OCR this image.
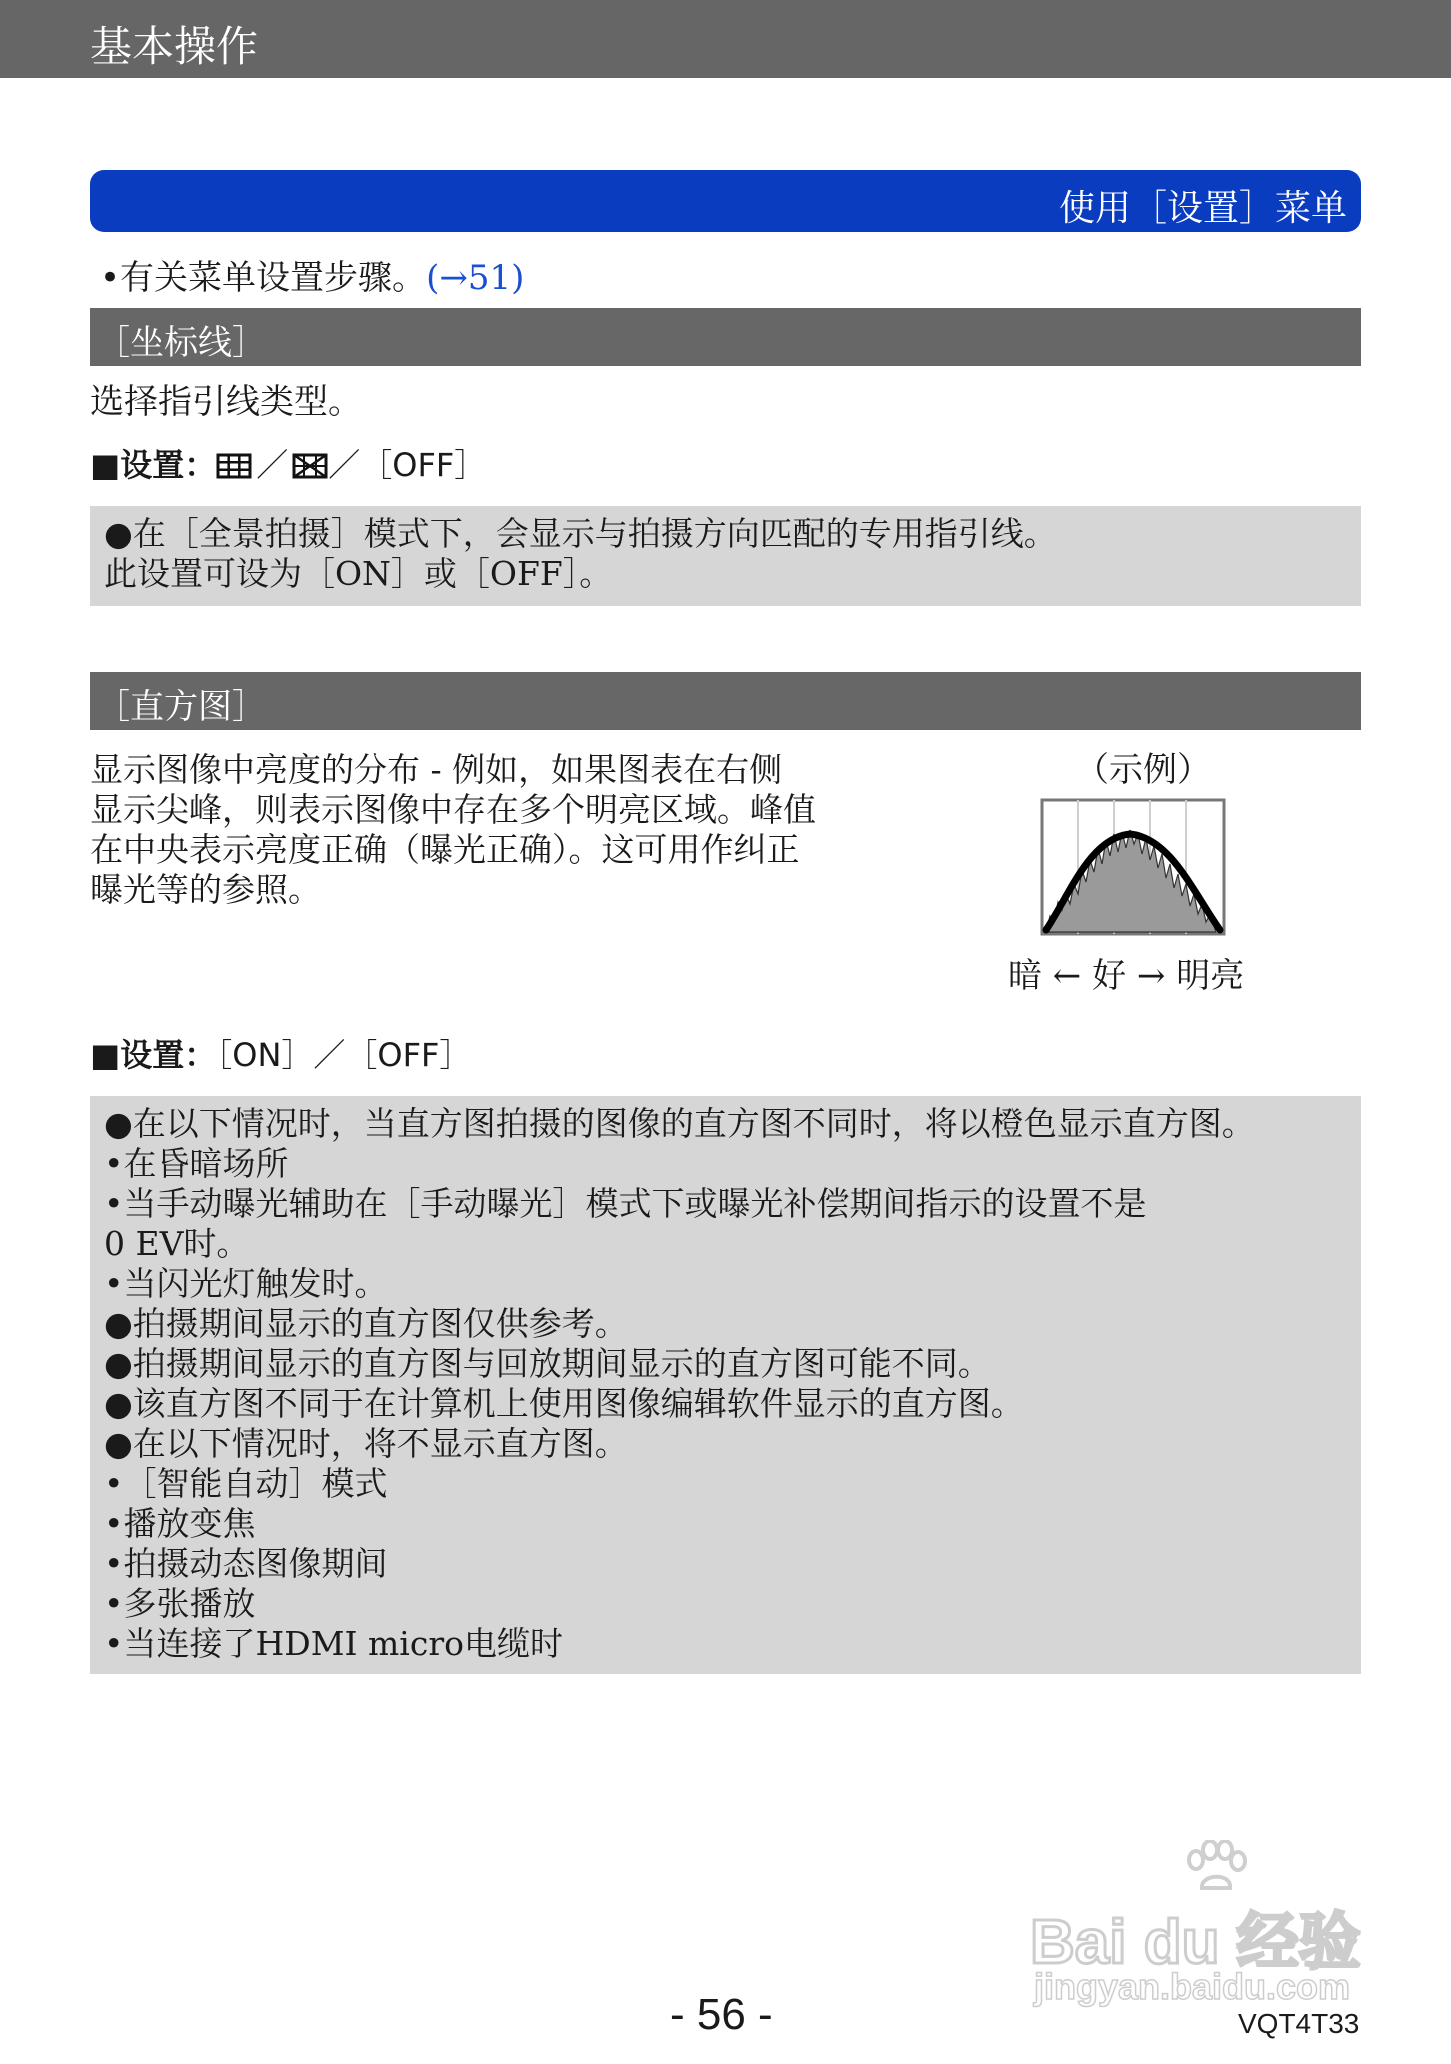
基本操作
使用［设置］菜单
•有关菜单设置步骤。(→51)
［坐标线］
选择指引线类型。
■设置： ／ ／［OFF］
●在［全景拍摄］模式下，会显示与拍摄方向匹配的专用指引线。
此设置可设为［ON］或［OFF］。
［直方图］
显示图像中亮度的分布 - 例如，如果图表在右侧
显示尖峰，则表示图像中存在多个明亮区域。峰值
在中央表示亮度正确（曝光正确）。这可用作纠正
曝光等的参照。
（示例）
暗 ← 好 → 明亮
■设置：［ON］／［OFF］
●在以下情况时，当直方图拍摄的图像的直方图不同时，将以橙色显示直方图。
•在昏暗场所
•当手动曝光辅助在［手动曝光］模式下或曝光补偿期间指示的设置不是
0 EV时。
•当闪光灯触发时。
●拍摄期间显示的直方图仅供参考。
●拍摄期间显示的直方图与回放期间显示的直方图可能不同。
●该直方图不同于在计算机上使用图像编辑软件显示的直方图。
●在以下情况时，将不显示直方图。
•［智能自动］模式
•播放变焦
•拍摄动态图像期间
•多张播放
•当连接了HDMI micro电缆时
Bai du 经验
jingyan.baidu.com
- 56 -	VQT4T33
